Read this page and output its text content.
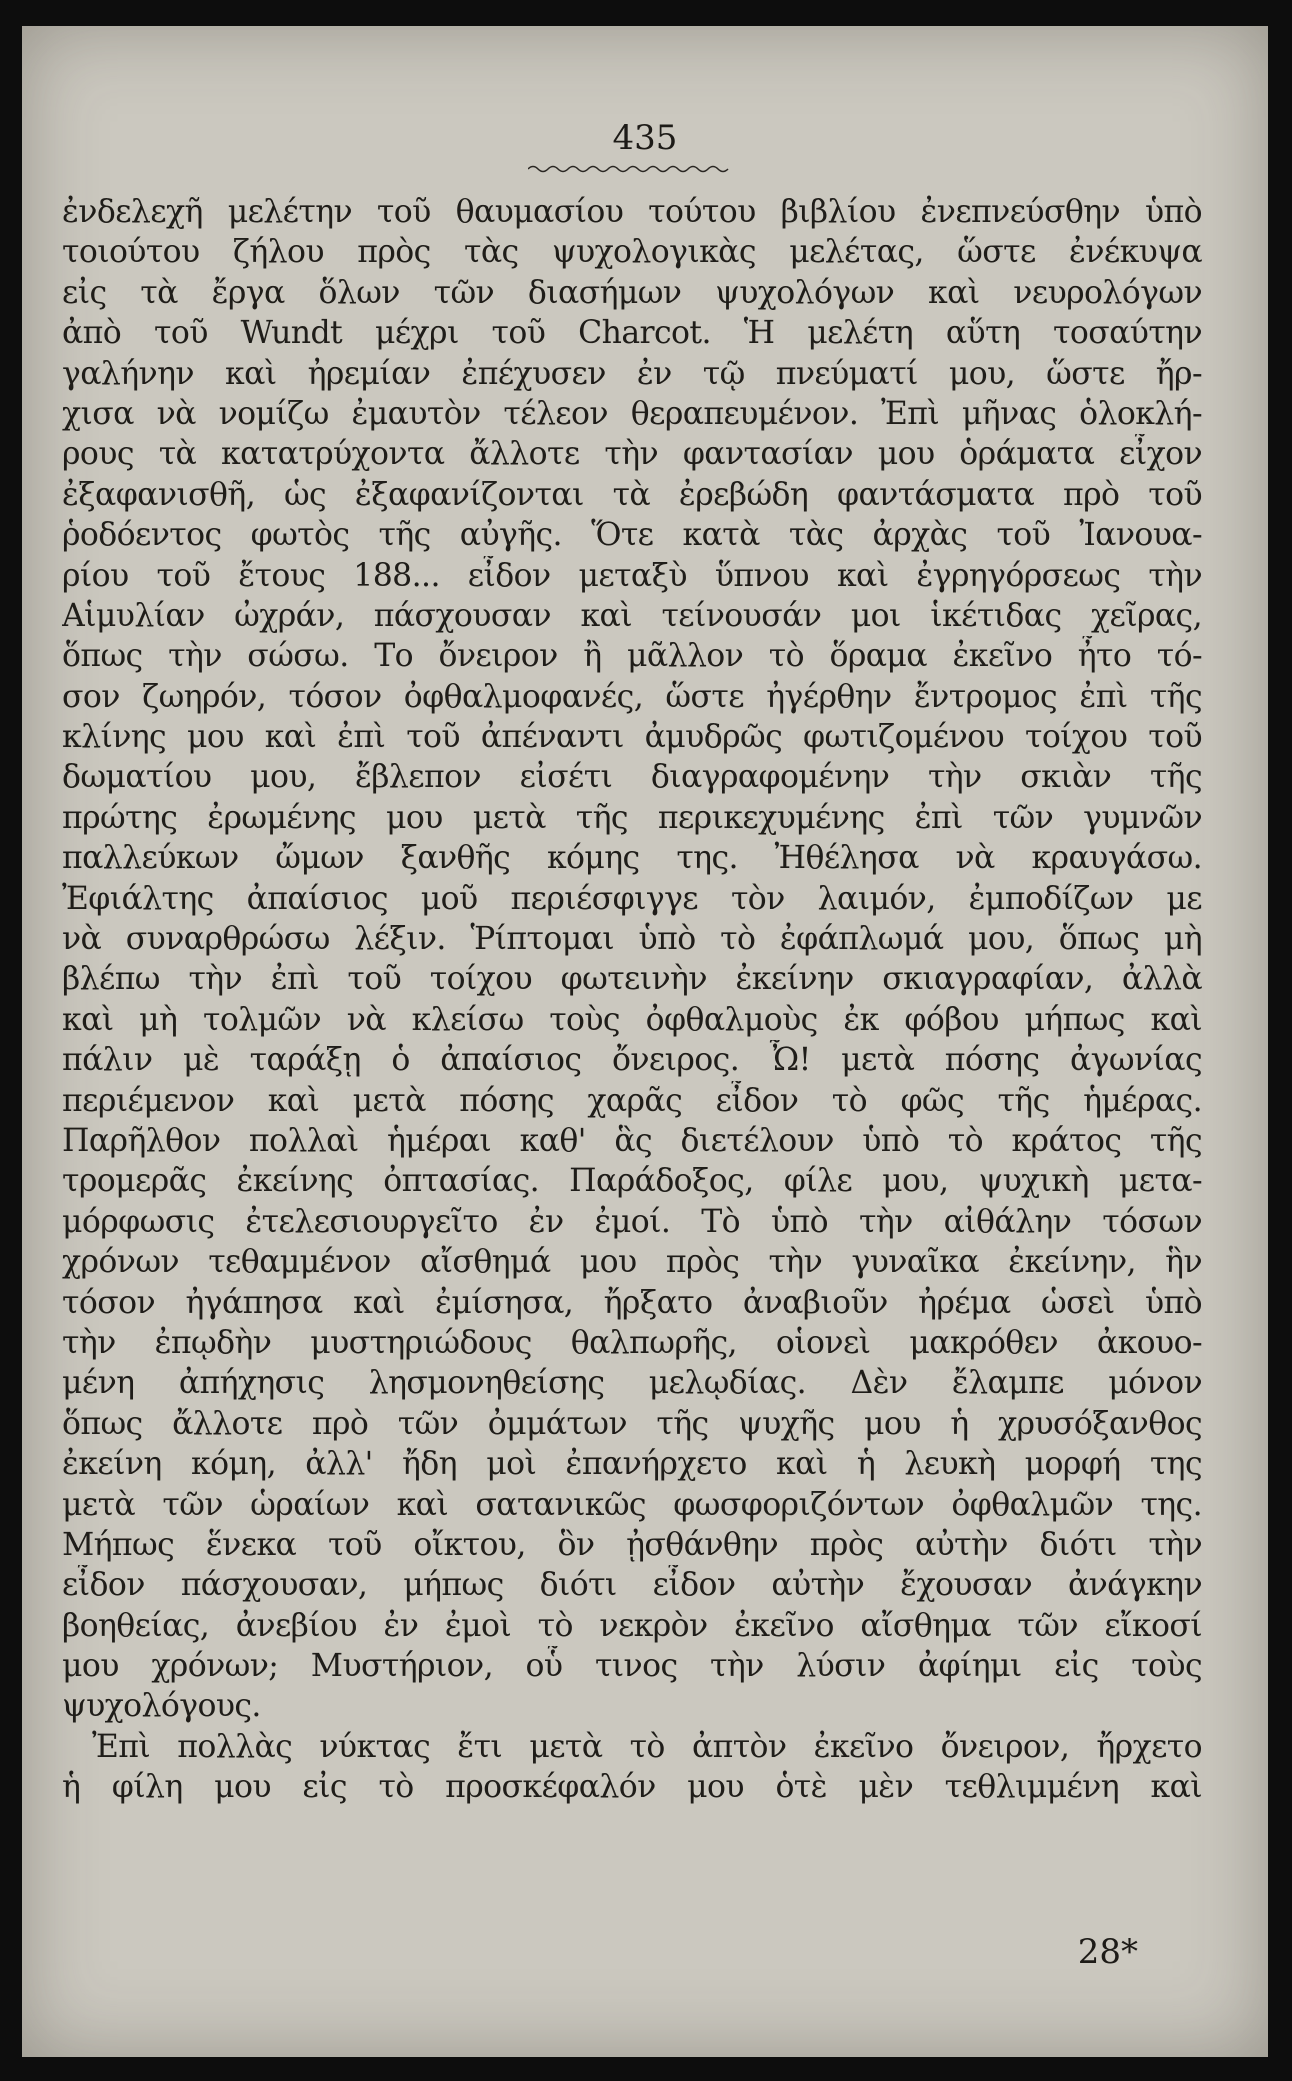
435
ἐνδελεχῆ μελέτην τοῦ θαυμασίου τούτου βιβλίου ἐνεπνεύσθην ὑπὸ
τοιούτου ζήλου πρὸς τὰς ψυχολογικὰς μελέτας, ὥστε ἐνέκυψα
εἰς τὰ ἔργα ὅλων τῶν διασήμων ψυχολόγων καὶ νευρολόγων
ἀπὸ τοῦ Wundt μέχρι τοῦ Charcot. Ἡ μελέτη αὕτη τοσαύτην
γαλήνην καὶ ἠρεμίαν ἐπέχυσεν ἐν τῷ πνεύματί μου, ὥστε ἤρ-
χισα νὰ νομίζω ἐμαυτὸν τέλεον θεραπευμένον. Ἐπὶ μῆνας ὁλοκλή-
ρους τὰ κατατρύχοντα ἄλλοτε τὴν φαντασίαν μου ὁράματα εἶχον
ἐξαφανισθῆ, ὡς ἐξαφανίζονται τὰ ἐρεβώδη φαντάσματα πρὸ τοῦ
ῥοδόεντος φωτὸς τῆς αὐγῆς. Ὅτε κατὰ τὰς ἀρχὰς τοῦ Ἰανουα-
ρίου τοῦ ἔτους 188... εἶδον μεταξὺ ὕπνου καὶ ἐγρηγόρσεως τὴν
Αἱμυλίαν ὠχράν, πάσχουσαν καὶ τείνουσάν μοι ἱκέτιδας χεῖρας,
ὅπως τὴν σώσω. Το ὄνειρον ἢ μᾶλλον τὸ ὅραμα ἐκεῖνο ἦτο τό-
σον ζωηρόν, τόσον ὀφθαλμοφανές, ὥστε ἠγέρθην ἔντρομος ἐπὶ τῆς
κλίνης μου καὶ ἐπὶ τοῦ ἀπέναντι ἀμυδρῶς φωτιζομένου τοίχου τοῦ
δωματίου μου, ἔβλεπον εἰσέτι διαγραφομένην τὴν σκιὰν τῆς
πρώτης ἐρωμένης μου μετὰ τῆς περικεχυμένης ἐπὶ τῶν γυμνῶν
παλλεύκων ὤμων ξανθῆς κόμης της. Ἠθέλησα νὰ κραυγάσω.
Ἐφιάλτης ἀπαίσιος μοῦ περιέσφιγγε τὸν λαιμόν, ἐμποδίζων με
νὰ συναρθρώσω λέξιν. Ῥίπτομαι ὑπὸ τὸ ἐφάπλωμά μου, ὅπως μὴ
βλέπω τὴν ἐπὶ τοῦ τοίχου φωτεινὴν ἐκείνην σκιαγραφίαν, ἀλλὰ
καὶ μὴ τολμῶν νὰ κλείσω τοὺς ὀφθαλμοὺς ἐκ φόβου μήπως καὶ
πάλιν μὲ ταράξῃ ὁ ἀπαίσιος ὄνειρος. Ὦ! μετὰ πόσης ἀγωνίας
περιέμενον καὶ μετὰ πόσης χαρᾶς εἶδον τὸ φῶς τῆς ἡμέρας.
Παρῆλθον πολλαὶ ἡμέραι καθ' ἃς διετέλουν ὑπὸ τὸ κράτος τῆς
τρομερᾶς ἐκείνης ὀπτασίας. Παράδοξος, φίλε μου, ψυχικὴ μετα-
μόρφωσις ἐτελεσιουργεῖτο ἐν ἐμοί. Τὸ ὑπὸ τὴν αἰθάλην τόσων
χρόνων τεθαμμένον αἴσθημά μου πρὸς τὴν γυναῖκα ἐκείνην, ἣν
τόσον ἠγάπησα καὶ ἐμίσησα, ἤρξατο ἀναβιοῦν ἠρέμα ὡσεὶ ὑπὸ
τὴν ἐπῳδὴν μυστηριώδους θαλπωρῆς, οἱονεὶ μακρόθεν ἀκουο-
μένη ἀπήχησις λησμονηθείσης μελῳδίας. Δὲν ἔλαμπε μόνον
ὅπως ἄλλοτε πρὸ τῶν ὀμμάτων τῆς ψυχῆς μου ἡ χρυσόξανθος
ἐκείνη κόμη, ἀλλ' ἤδη μοὶ ἐπανήρχετο καὶ ἡ λευκὴ μορφή της
μετὰ τῶν ὡραίων καὶ σατανικῶς φωσφοριζόντων ὀφθαλμῶν της.
Μήπως ἕνεκα τοῦ οἴκτου, ὃν ᾐσθάνθην πρὸς αὐτὴν διότι τὴν
εἶδον πάσχουσαν, μήπως διότι εἶδον αὐτὴν ἔχουσαν ἀνάγκην
βοηθείας, ἀνεβίου ἐν ἐμοὶ τὸ νεκρὸν ἐκεῖνο αἴσθημα τῶν εἴκοσί
μου χρόνων; Μυστήριον, οὗ τινος τὴν λύσιν ἀφίημι εἰς τοὺς
ψυχολόγους.
Ἐπὶ πολλὰς νύκτας ἔτι μετὰ τὸ ἀπτὸν ἐκεῖνο ὄνειρον, ἤρχετο
ἡ φίλη μου εἰς τὸ προσκέφαλόν μου ὁτὲ μὲν τεθλιμμένη καὶ
28*
